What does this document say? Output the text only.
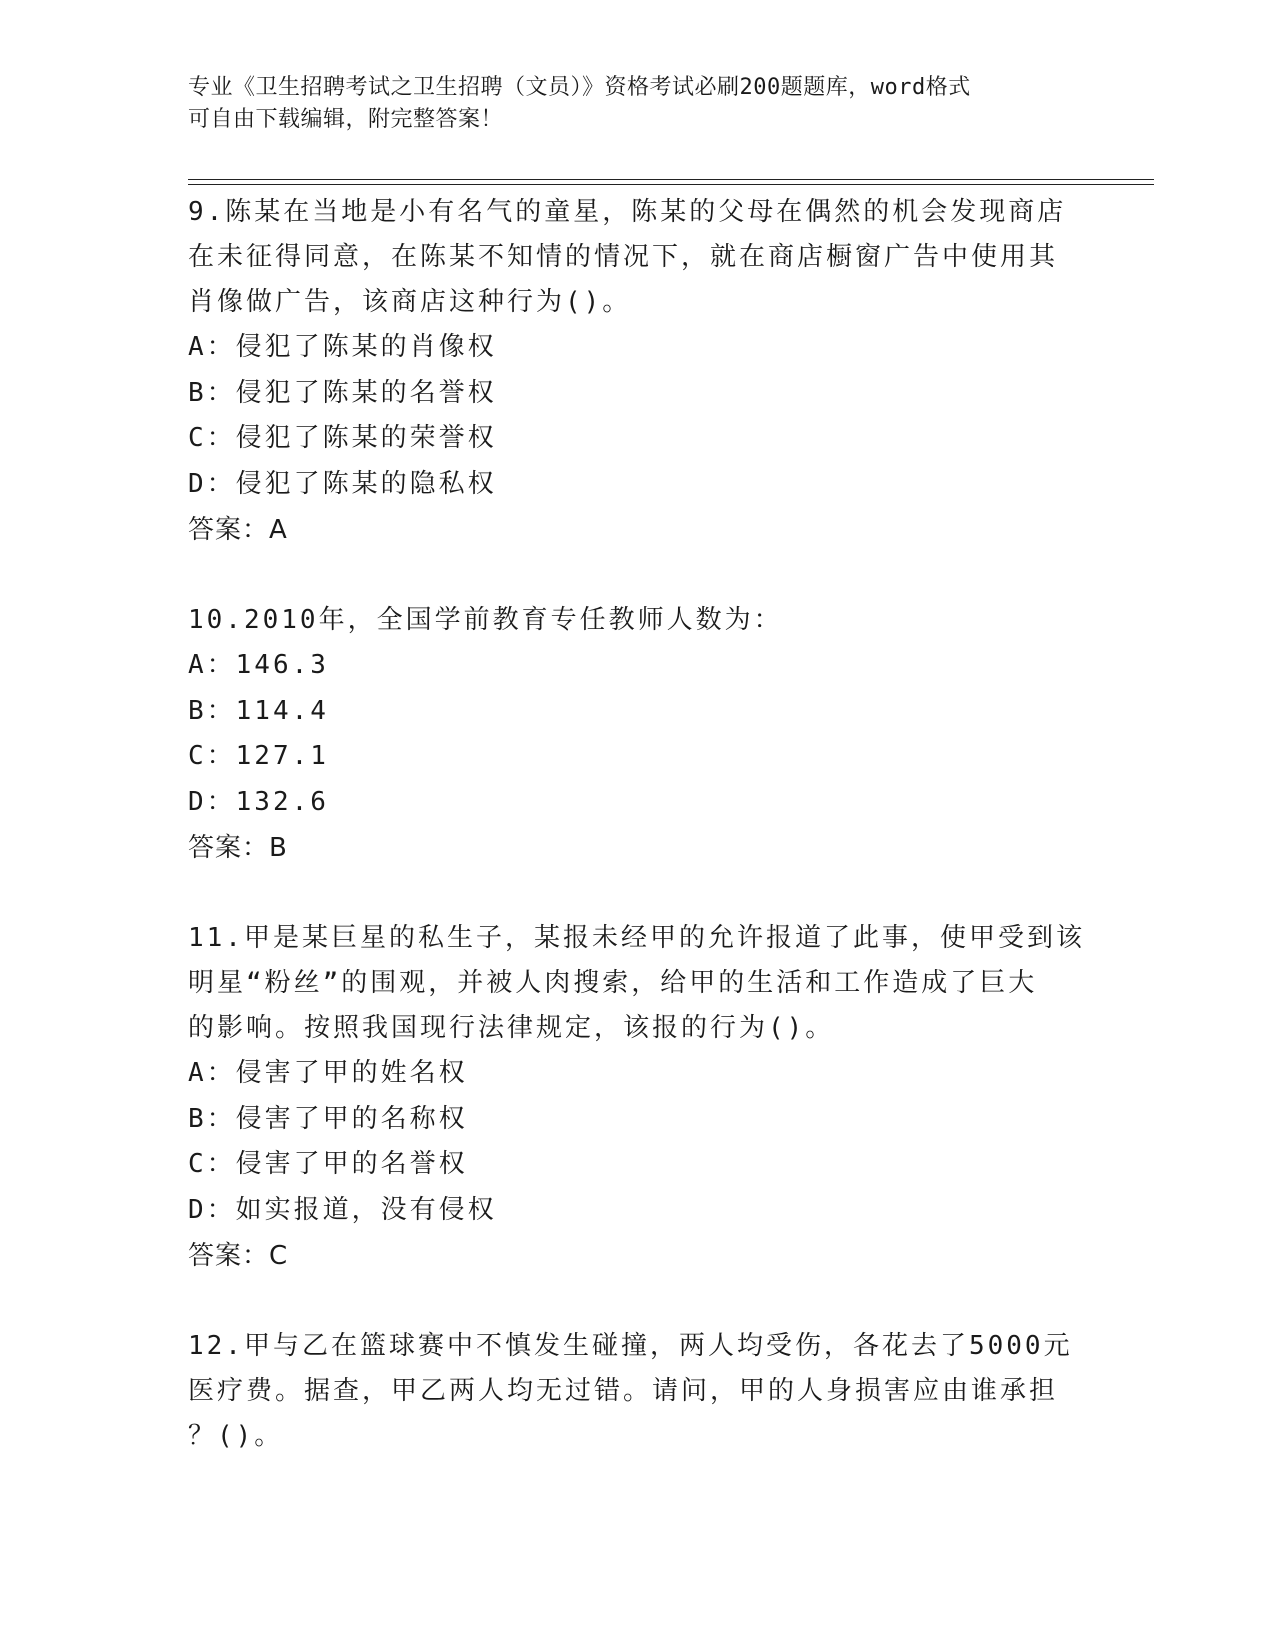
专业《卫生招聘考试之卫生招聘（文员）》资格考试必刷200题题库，word格式
可自由下载编辑，附完整答案！
9.陈某在当地是小有名气的童星，陈某的父母在偶然的机会发现商店
在未征得同意，在陈某不知情的情况下，就在商店橱窗广告中使用其
肖像做广告，该商店这种行为()。
A：侵犯了陈某的肖像权
B：侵犯了陈某的名誉权
C：侵犯了陈某的荣誉权
D：侵犯了陈某的隐私权
答案：A
10.2010年，全国学前教育专任教师人数为：
A：146.3
B：114.4
C：127.1
D：132.6
答案：B
11.甲是某巨星的私生子，某报未经甲的允许报道了此事，使甲受到该
明星“粉丝”的围观，并被人肉搜索，给甲的生活和工作造成了巨大
的影响。按照我国现行法律规定，该报的行为()。
A：侵害了甲的姓名权
B：侵害了甲的名称权
C：侵害了甲的名誉权
D：如实报道，没有侵权
答案：C
12.甲与乙在篮球赛中不慎发生碰撞，两人均受伤，各花去了5000元
医疗费。据查，甲乙两人均无过错。请问，甲的人身损害应由谁承担
？()。
